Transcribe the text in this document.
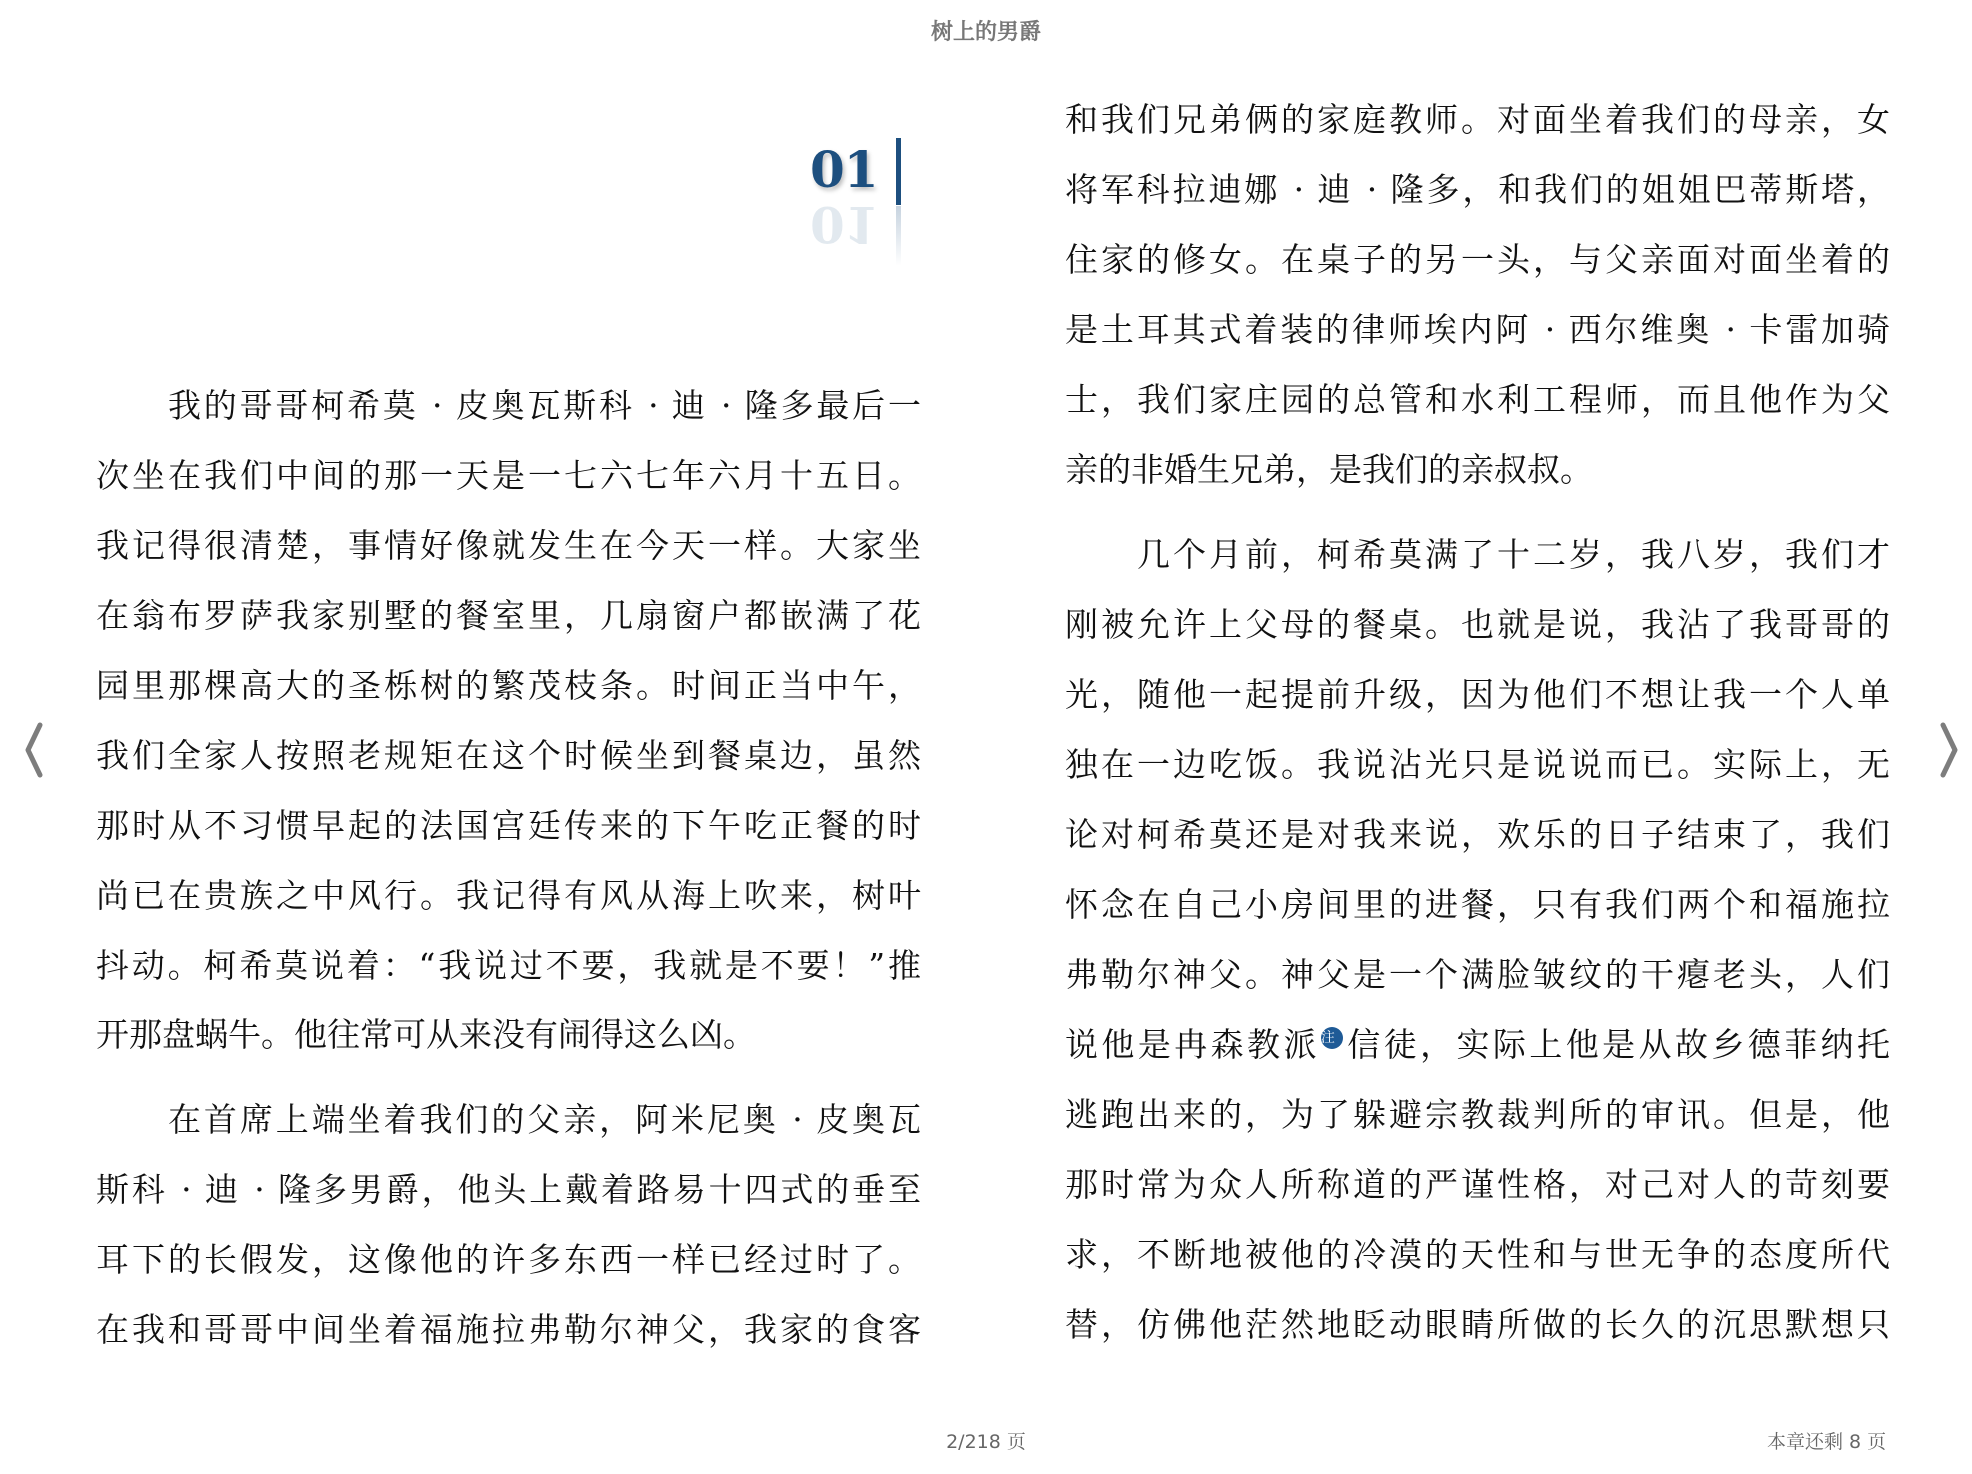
树上的男爵
01
01
我的哥哥柯希莫 · 皮奥瓦斯科 · 迪 · 隆多最后一
次坐在我们中间的那一天是一七六七年六月十五日。
我记得很清楚，事情好像就发生在今天一样。大家坐
在翁布罗萨我家别墅的餐室里，几扇窗户都嵌满了花
园里那棵高大的圣栎树的繁茂枝条。时间正当中午，
我们全家人按照老规矩在这个时候坐到餐桌边，虽然
那时从不习惯早起的法国宫廷传来的下午吃正餐的时
尚已在贵族之中风行。我记得有风从海上吹来，树叶
抖动。柯希莫说着：“我说过不要，我就是不要！”推
开那盘蜗牛。他往常可从来没有闹得这么凶。
在首席上端坐着我们的父亲，阿米尼奥 · 皮奥瓦
斯科 · 迪 · 隆多男爵，他头上戴着路易十四式的垂至
耳下的长假发，这像他的许多东西一样已经过时了。
在我和哥哥中间坐着福施拉弗勒尔神父，我家的食客
和我们兄弟俩的家庭教师。对面坐着我们的母亲，女
将军科拉迪娜 · 迪 · 隆多，和我们的姐姐巴蒂斯塔，
住家的修女。在桌子的另一头，与父亲面对面坐着的
是土耳其式着装的律师埃内阿 · 西尔维奥 · 卡雷加骑
士，我们家庄园的总管和水利工程师，而且他作为父
亲的非婚生兄弟，是我们的亲叔叔。
几个月前，柯希莫满了十二岁，我八岁，我们才
刚被允许上父母的餐桌。也就是说，我沾了我哥哥的
光，随他一起提前升级，因为他们不想让我一个人单
独在一边吃饭。我说沾光只是说说而已。实际上，无
论对柯希莫还是对我来说，欢乐的日子结束了，我们
怀念在自己小房间里的进餐，只有我们两个和福施拉
弗勒尔神父。神父是一个满脸皱纹的干瘪老头，人们
说他是冉森教派注 信徒，实际上他是从故乡德菲纳托
逃跑出来的，为了躲避宗教裁判所的审讯。但是，他
那时常为众人所称道的严谨性格，对己对人的苛刻要
求，不断地被他的冷漠的天性和与世无争的态度所代
替，仿佛他茫然地眨动眼睛所做的长久的沉思默想只
2/218 页	本章还剩 8 页
